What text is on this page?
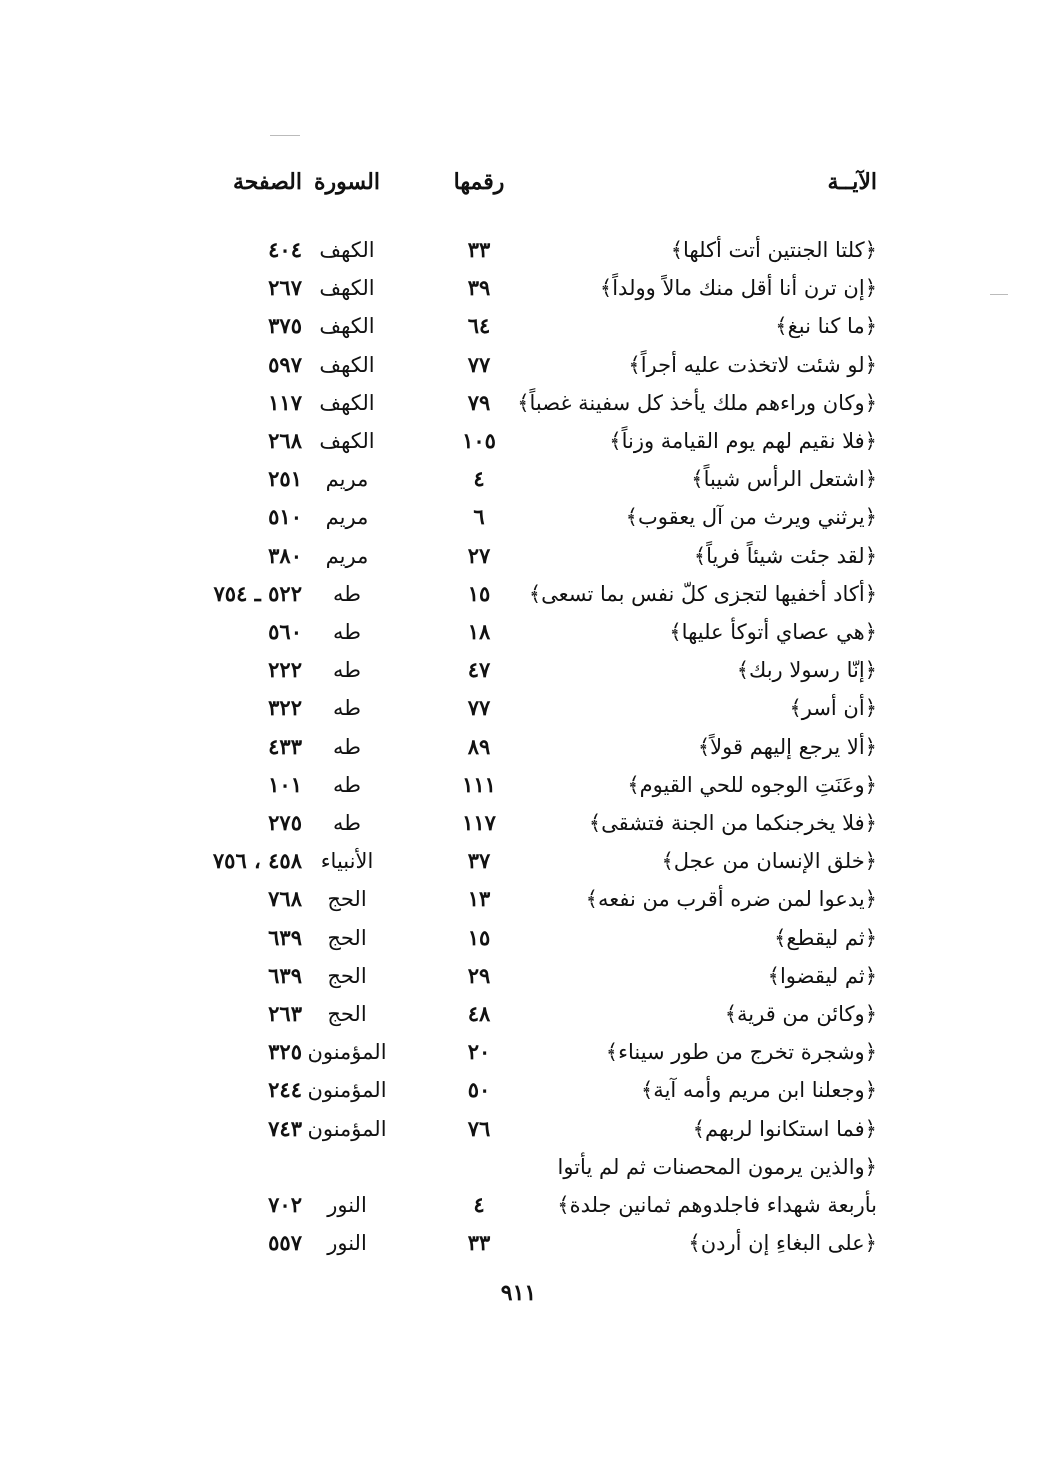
الآيــة
رقمها
السورة
الصفحة
﴿كلتا الجنتين أتت أكلها﴾
٣٣
الكهف
٤٠٤
﴿إن ترن أنا أقل منك مالاً وولداً﴾
٣٩
الكهف
٢٦٧
﴿ما كنا نبغ﴾
٦٤
الكهف
٣٧٥
﴿لو شئت لاتخذت عليه أجراً﴾
٧٧
الكهف
٥٩٧
﴿وكان وراءهم ملك يأخذ كل سفينة غصباً﴾
٧٩
الكهف
١١٧
﴿فلا نقيم لهم يوم القيامة وزناً﴾
١٠٥
الكهف
٢٦٨
﴿اشتعل الرأس شيباً﴾
٤
مريم
٢٥١
﴿يرثني ويرث من آل يعقوب﴾
٦
مريم
٥١٠
﴿لقد جئت شيئاً فرياً﴾
٢٧
مريم
٣٨٠
﴿أكاد أخفيها لتجزى كلّ نفس بما تسعى﴾
١٥
طه
٥٢٢ ـ ٧٥٤
﴿هي عصاي أتوكأ عليها﴾
١٨
طه
٥٦٠
﴿إنّا رسولا ربك﴾
٤٧
طه
٢٢٢
﴿أن أسر﴾
٧٧
طه
٣٢٢
﴿ألا يرجع إليهم قولاً﴾
٨٩
طه
٤٣٣
﴿وعَنَتِ الوجوه للحي القيوم﴾
١١١
طه
١٠١
﴿فلا يخرجنكما من الجنة فتشقى﴾
١١٧
طه
٢٧٥
﴿خلق الإنسان من عجل﴾
٣٧
الأنبياء
٤٥٨ ، ٧٥٦
﴿يدعوا لمن ضره أقرب من نفعه﴾
١٣
الحج
٧٦٨
﴿ثم ليقطع﴾
١٥
الحج
٦٣٩
﴿ثم ليقضوا﴾
٢٩
الحج
٦٣٩
﴿وكائن من قرية﴾
٤٨
الحج
٢٦٣
﴿وشجرة تخرج من طور سيناء﴾
٢٠
المؤمنون
٣٢٥
﴿وجعلنا ابن مريم وأمه آية﴾
٥٠
المؤمنون
٢٤٤
﴿فما استكانوا لربهم﴾
٧٦
المؤمنون
٧٤٣
﴿والذين يرمون المحصنات ثم لم يأتوا
بأربعة شهداء فاجلدوهم ثمانين جلدة﴾
٤
النور
٧٠٢
﴿على البغاءِ إن أردن﴾
٣٣
النور
٥٥٧
٩١١
